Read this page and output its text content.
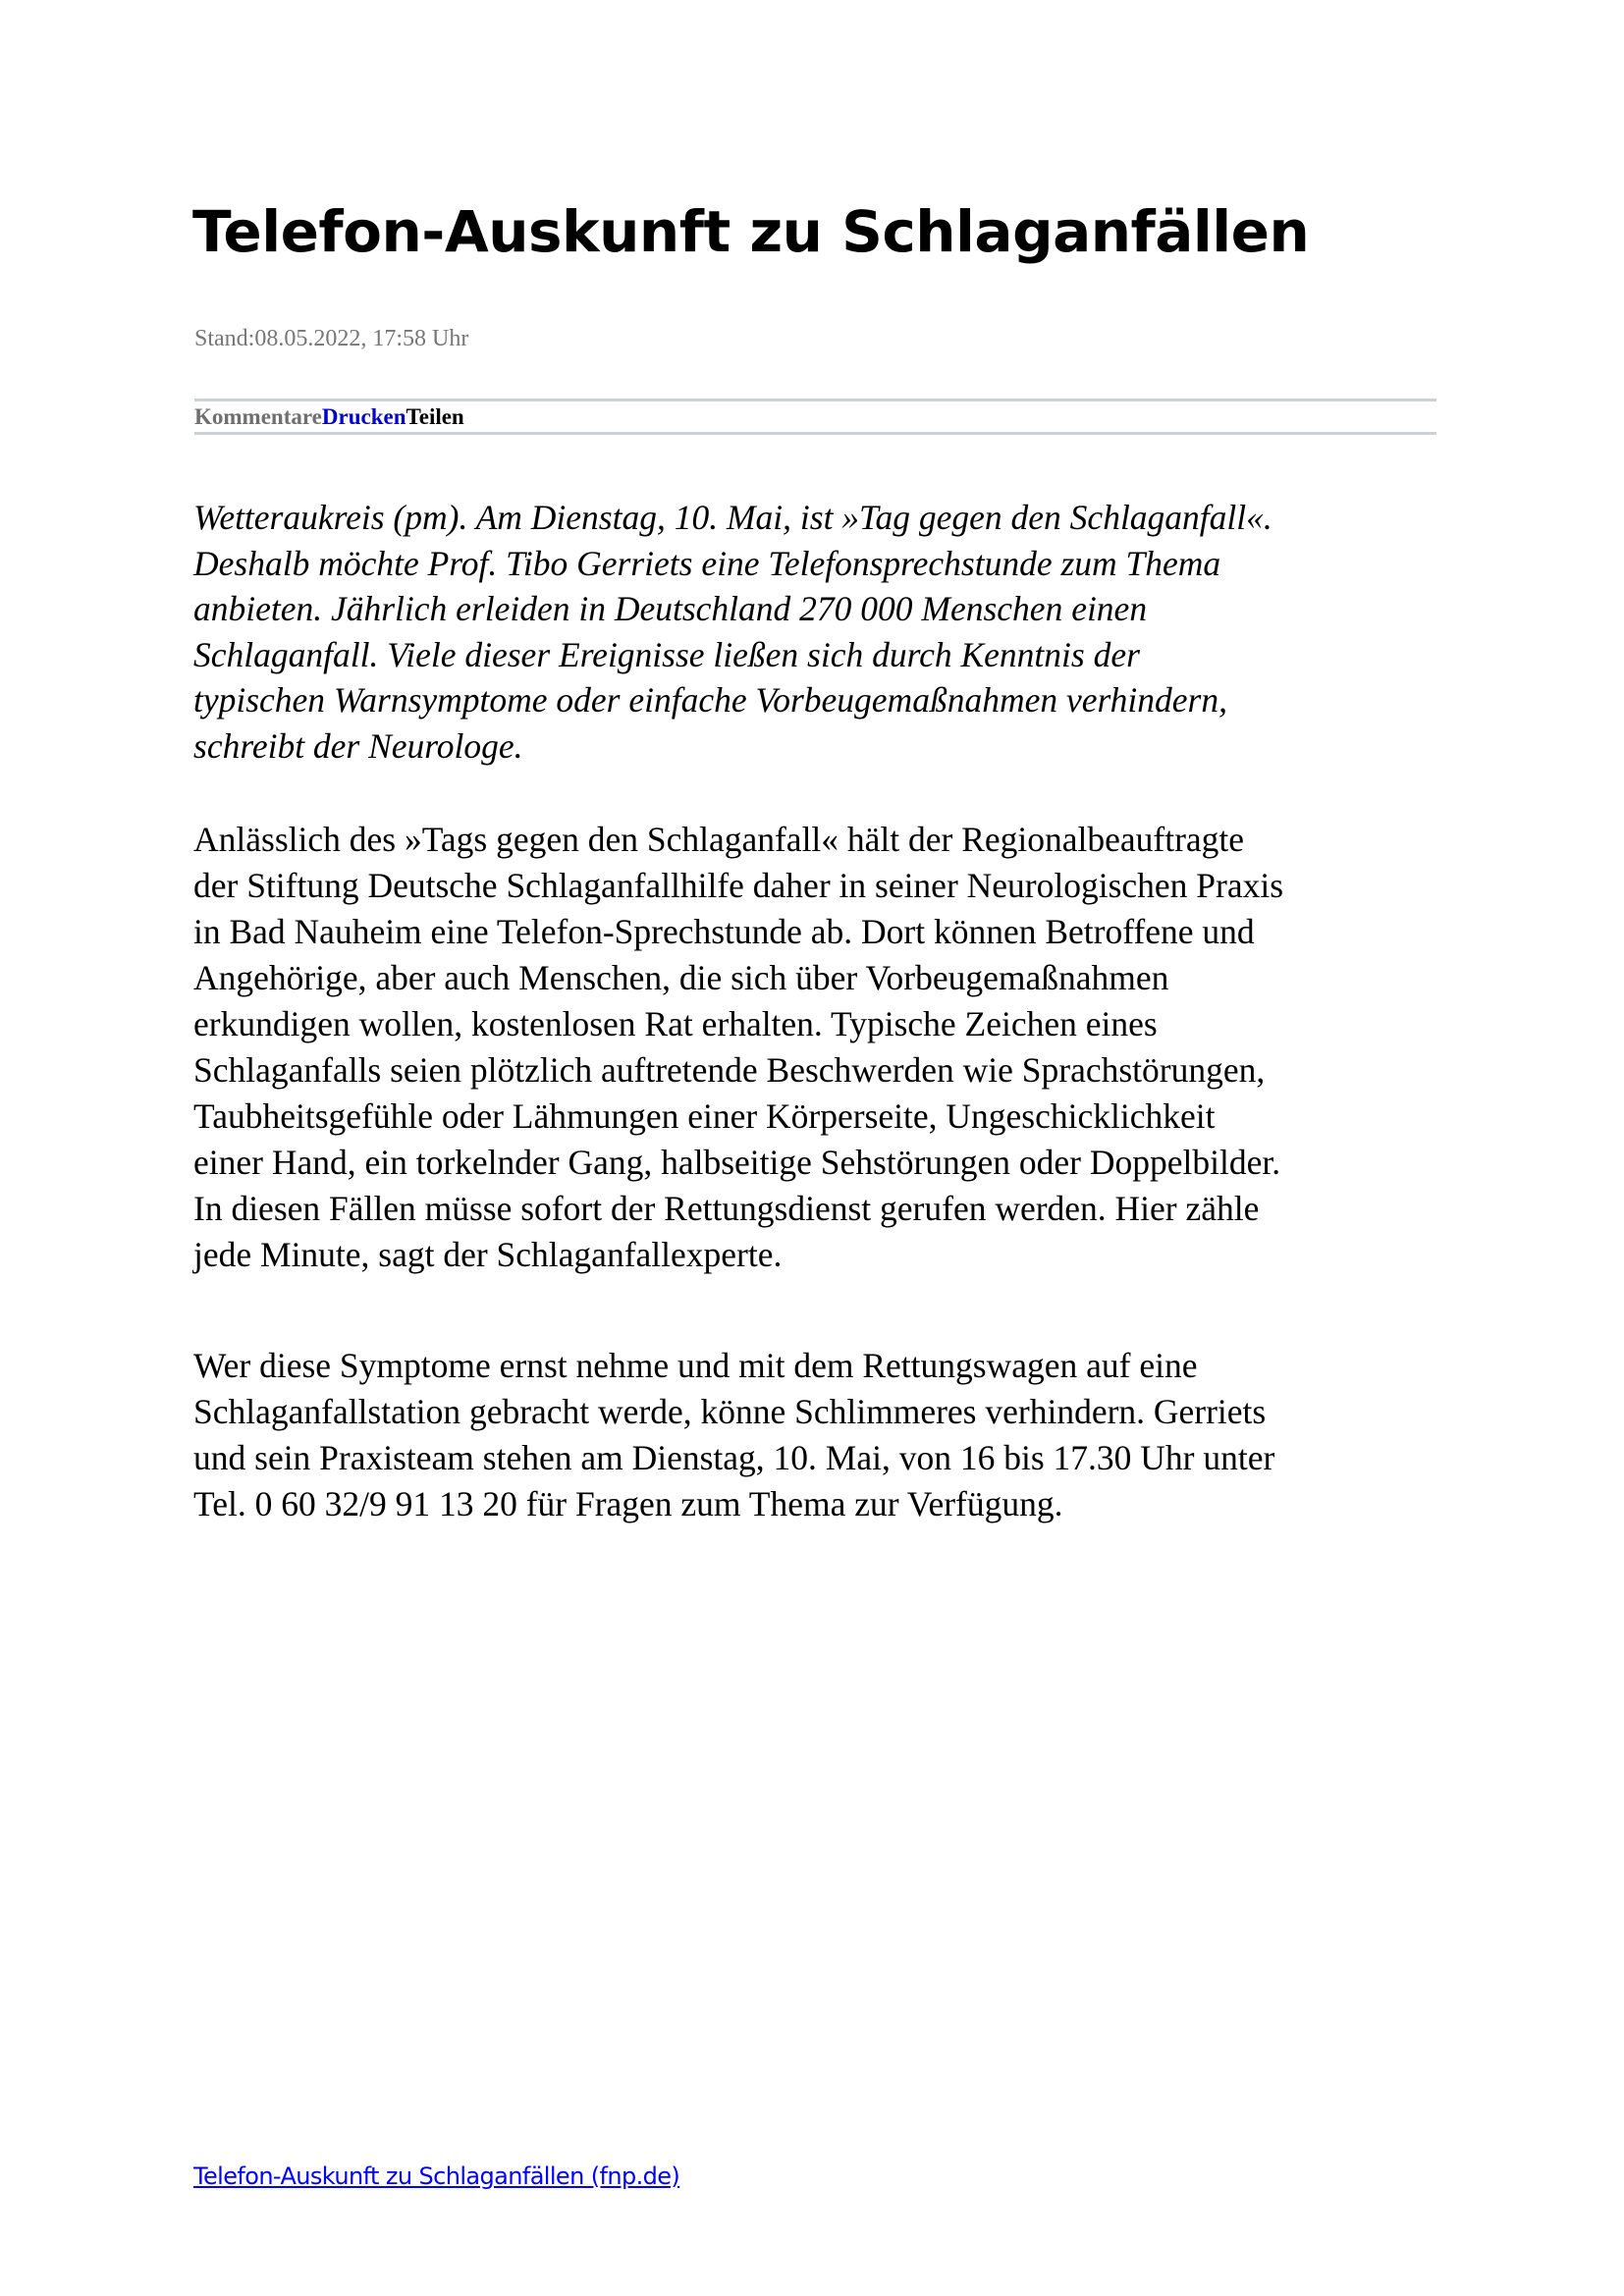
Telefon-Auskunft zu Schlaganfällen
Stand:08.05.2022, 17:58 Uhr
KommentareDruckenTeilen

Wetteraukreis (pm). Am Dienstag, 10. Mai, ist »Tag gegen den Schlaganfall«.
Deshalb möchte Prof. Tibo Gerriets eine Telefonsprechstunde zum Thema
anbieten. Jährlich erleiden in Deutschland 270 000 Menschen einen
Schlaganfall. Viele dieser Ereignisse ließen sich durch Kenntnis der
typischen Warnsymptome oder einfache Vorbeugemaßnahmen verhindern,
schreibt der Neurologe.

Anlässlich des »Tags gegen den Schlaganfall« hält der Regionalbeauftragte
der Stiftung Deutsche Schlaganfallhilfe daher in seiner Neurologischen Praxis
in Bad Nauheim eine Telefon-Sprechstunde ab. Dort können Betroffene und
Angehörige, aber auch Menschen, die sich über Vorbeugemaßnahmen
erkundigen wollen, kostenlosen Rat erhalten. Typische Zeichen eines
Schlaganfalls seien plötzlich auftretende Beschwerden wie Sprachstörungen,
Taubheitsgefühle oder Lähmungen einer Körperseite, Ungeschicklichkeit
einer Hand, ein torkelnder Gang, halbseitige Sehstörungen oder Doppelbilder.
In diesen Fällen müsse sofort der Rettungsdienst gerufen werden. Hier zähle
jede Minute, sagt der Schlaganfallexperte.

Wer diese Symptome ernst nehme und mit dem Rettungswagen auf eine
Schlaganfallstation gebracht werde, könne Schlimmeres verhindern. Gerriets
und sein Praxisteam stehen am Dienstag, 10. Mai, von 16 bis 17.30 Uhr unter
Tel. 0 60 32/9 91 13 20 für Fragen zum Thema zur Verfügung.

Telefon-Auskunft zu Schlaganfällen (fnp.de)
